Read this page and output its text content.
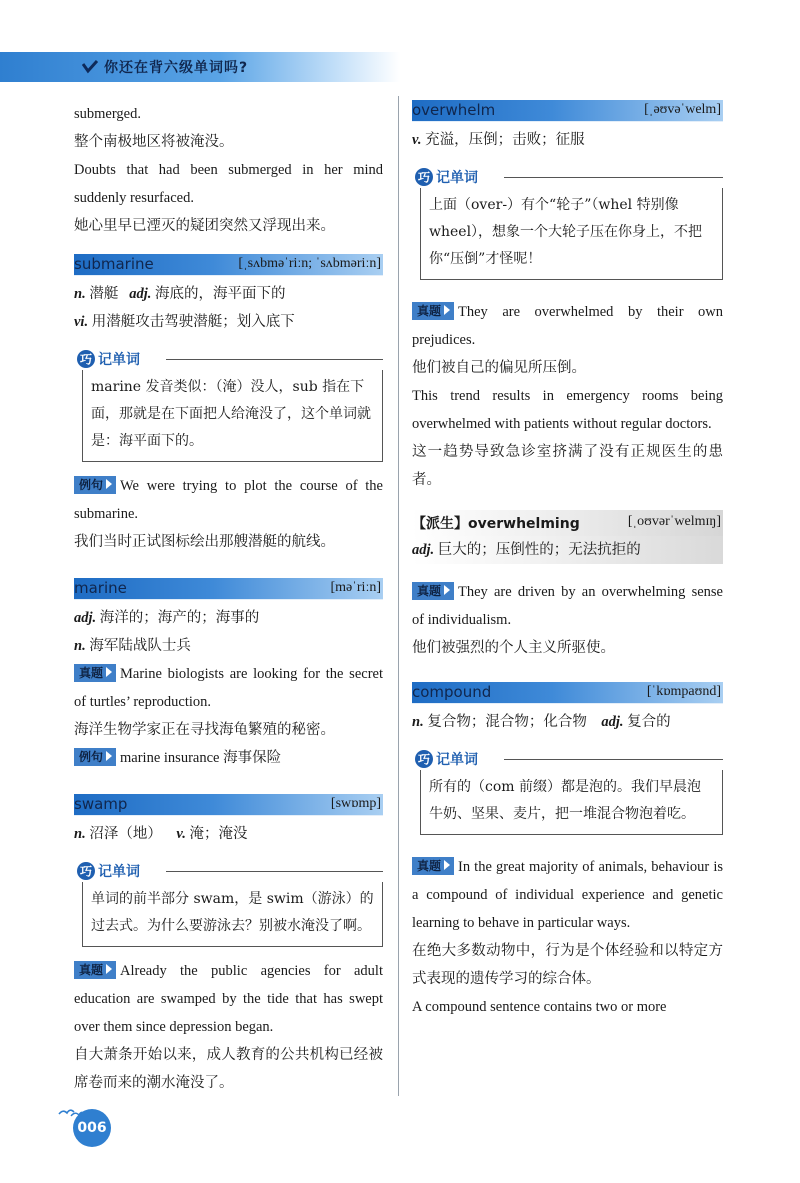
你还在背六级单词吗?
submerged.
整个南极地区将被淹没。
Doubts that had been submerged in her mind suddenly resurfaced.
她心里早已湮灭的疑团突然又浮现出来。
submarine	[ˌsʌbməˈriːn; ˈsʌbməriːn]
n. 潜艇 adj. 海底的，海平面下的
vi. 用潜艇攻击驾驶潜艇；划入底下
巧 记单词
marine 发音类似：（淹）没人，sub 指在下面，那就是在下面把人给淹没了，这个单词就是：海平面下的。
例句 We were trying to plot the course of the submarine.
我们当时正试图标绘出那艘潜艇的航线。
marine	[məˈriːn]
adj. 海洋的；海产的；海事的
n. 海军陆战队士兵
真题 Marine biologists are looking for the secret of turtles’ reproduction.
海洋生物学家正在寻找海龟繁殖的秘密。
例句 marine insurance 海事保险
swamp	[swɒmp]
n. 沼泽（地） v. 淹；淹没
巧 记单词
单词的前半部分 swam，是 swim（游泳）的过去式。为什么要游泳去？别被水淹没了啊。
真题 Already the public agencies for adult education are swamped by the tide that has swept over them since depression began.
自大萧条开始以来，成人教育的公共机构已经被席卷而来的潮水淹没了。
overwhelm	[ˌəʊvəˈwelm]
v. 充溢，压倒；击败；征服
巧 记单词
上面（over-）有个“轮子”（whel 特别像 wheel），想象一个大轮子压在你身上，不把你“压倒”才怪呢！
真题 They are overwhelmed by their own prejudices.
他们被自己的偏见所压倒。
This trend results in emergency rooms being overwhelmed with patients without regular doctors.
这一趋势导致急诊室挤满了没有正规医生的患者。
【派生】overwhelming	[ˌoʊvərˈwelmɪŋ]
adj. 巨大的；压倒性的；无法抗拒的
真题 They are driven by an overwhelming sense of individualism.
他们被强烈的个人主义所驱使。
compound	[ˈkɒmpaʊnd]
n. 复合物；混合物；化合物 adj. 复合的
巧 记单词
所有的（com 前缀）都是泡的。我们早晨泡牛奶、坚果、麦片，把一堆混合物泡着吃。
真题 In the great majority of animals, behaviour is a compound of individual experience and genetic learning to behave in particular ways.
在绝大多数动物中，行为是个体经验和以特定方式表现的遗传学习的综合体。
A compound sentence contains two or more
006
